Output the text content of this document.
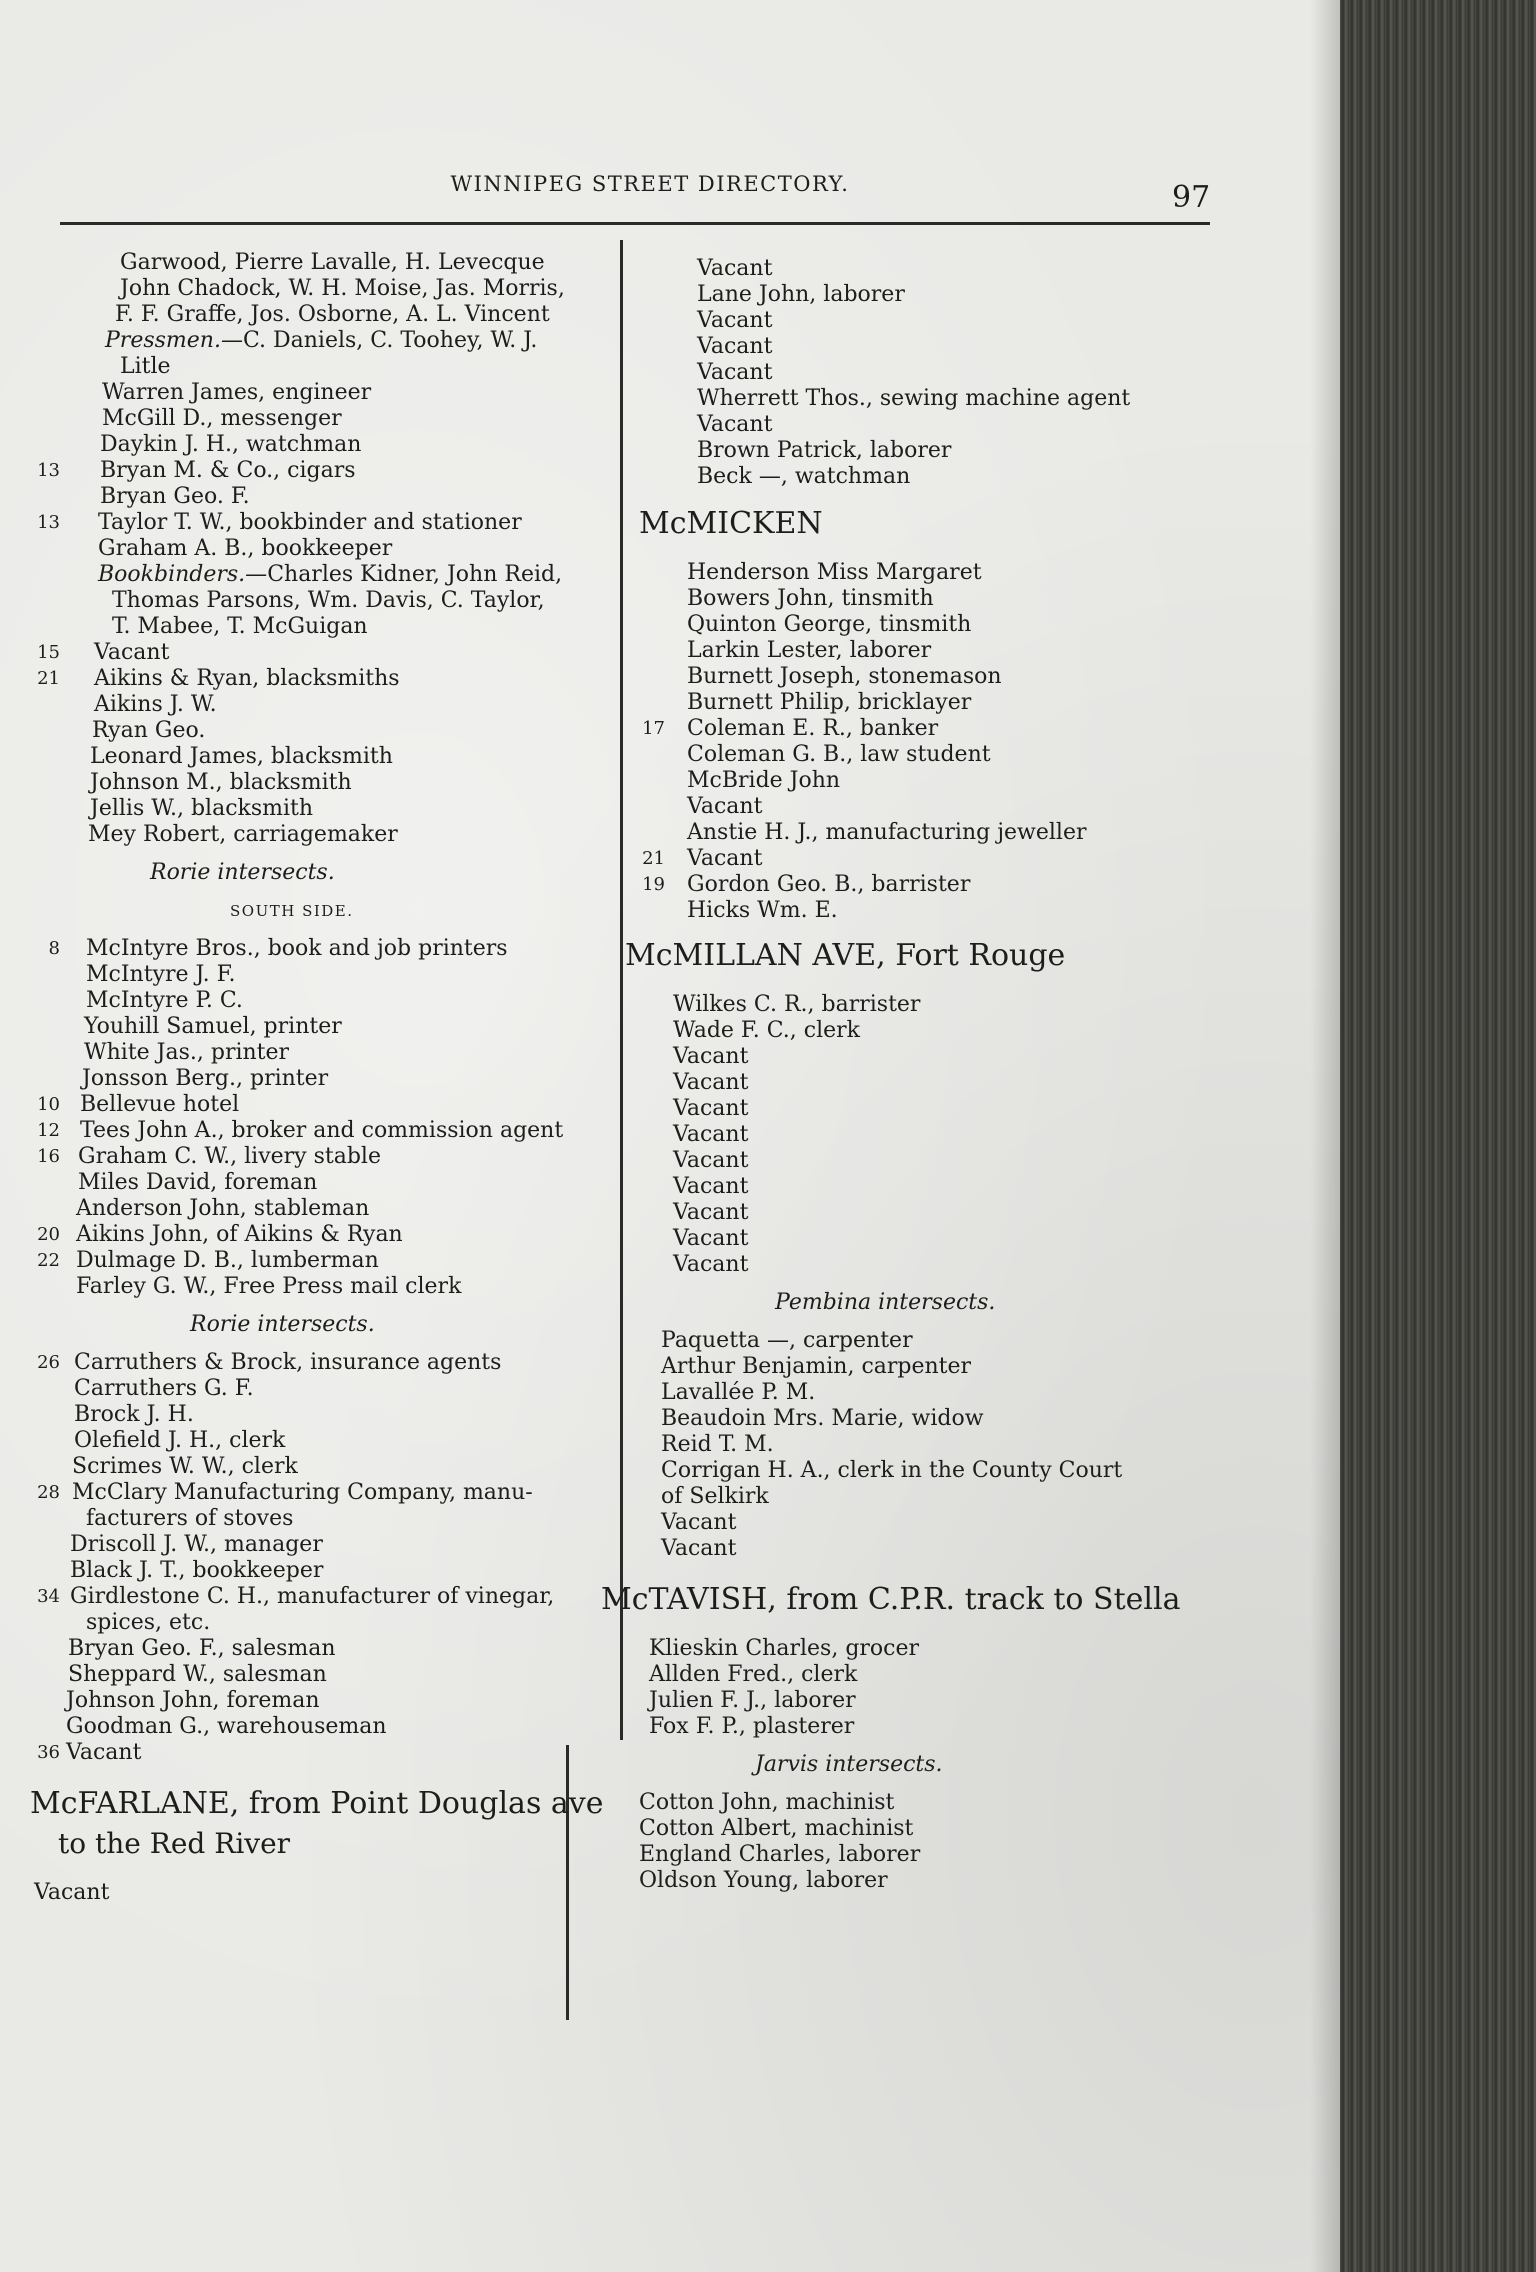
WINNIPEG STREET DIRECTORY.	97
Garwood, Pierre Lavalle, H. Levecque
John Chadock, W. H. Moise, Jas. Morris,
F. F. Graffe, Jos. Osborne, A. L. Vincent
Pressmen.—C. Daniels, C. Toohey, W. J.
Litle
Warren James, engineer
McGill D., messenger
Daykin J. H., watchman
13	Bryan M. & Co., cigars
Bryan Geo. F.
13	Taylor T. W., bookbinder and stationer
Graham A. B., bookkeeper
Bookbinders.—Charles Kidner, John Reid,
Thomas Parsons, Wm. Davis, C. Taylor,
T. Mabee, T. McGuigan
15	Vacant
21	Aikins & Ryan, blacksmiths
Aikins J. W.
Ryan Geo.
Leonard James, blacksmith
Johnson M., blacksmith
Jellis W., blacksmith
Mey Robert, carriagemaker
Rorie intersects.
SOUTH SIDE.
8	McIntyre Bros., book and job printers
McIntyre J. F.
McIntyre P. C.
Youhill Samuel, printer
White Jas., printer
Jonsson Berg., printer
10 Bellevue hotel
12 Tees John A., broker and commission agent
16 Graham C. W., livery stable
Miles David, foreman
Anderson John, stableman
20 Aikins John, of Aikins & Ryan
22 Dulmage D. B., lumberman
Farley G. W., Free Press mail clerk
Rorie intersects.
26 Carruthers & Brock, insurance agents
Carruthers G. F.
Brock J. H.
Olefield J. H., clerk
Scrimes W. W., clerk
28 McClary Manufacturing Company, manu-
facturers of stoves
Driscoll J. W., manager
Black J. T., bookkeeper
34 Girdlestone C. H., manufacturer of vinegar,
spices, etc.
Bryan Geo. F., salesman
Sheppard W., salesman
Johnson John, foreman
Goodman G., warehouseman
36 Vacant
McFARLANE, from Point Douglas ave
to the Red River
Vacant
Vacant
Lane John, laborer
Vacant
Vacant
Vacant
Wherrett Thos., sewing machine agent
Vacant
Brown Patrick, laborer
Beck —, watchman
McMICKEN
Henderson Miss Margaret
Bowers John, tinsmith
Quinton George, tinsmith
Larkin Lester, laborer
Burnett Joseph, stonemason
Burnett Philip, bricklayer
17	Coleman E. R., banker
Coleman G. B., law student
McBride John
Vacant
Anstie H. J., manufacturing jeweller
21	Vacant
19	Gordon Geo. B., barrister
Hicks Wm. E.
McMILLAN AVE, Fort Rouge
Wilkes C. R., barrister
Wade F. C., clerk
Vacant
Vacant
Vacant
Vacant
Vacant
Vacant
Vacant
Vacant
Vacant
Pembina intersects.
Paquetta —, carpenter
Arthur Benjamin, carpenter
Lavallée P. M.
Beaudoin Mrs. Marie, widow
Reid T. M.
Corrigan H. A., clerk in the County Court
of Selkirk
Vacant
Vacant
McTAVISH, from C.P.R. track to Stella
Klieskin Charles, grocer
Allden Fred., clerk
Julien F. J., laborer
Fox F. P., plasterer
Jarvis intersects.
Cotton John, machinist
Cotton Albert, machinist
England Charles, laborer
Oldson Young, laborer
